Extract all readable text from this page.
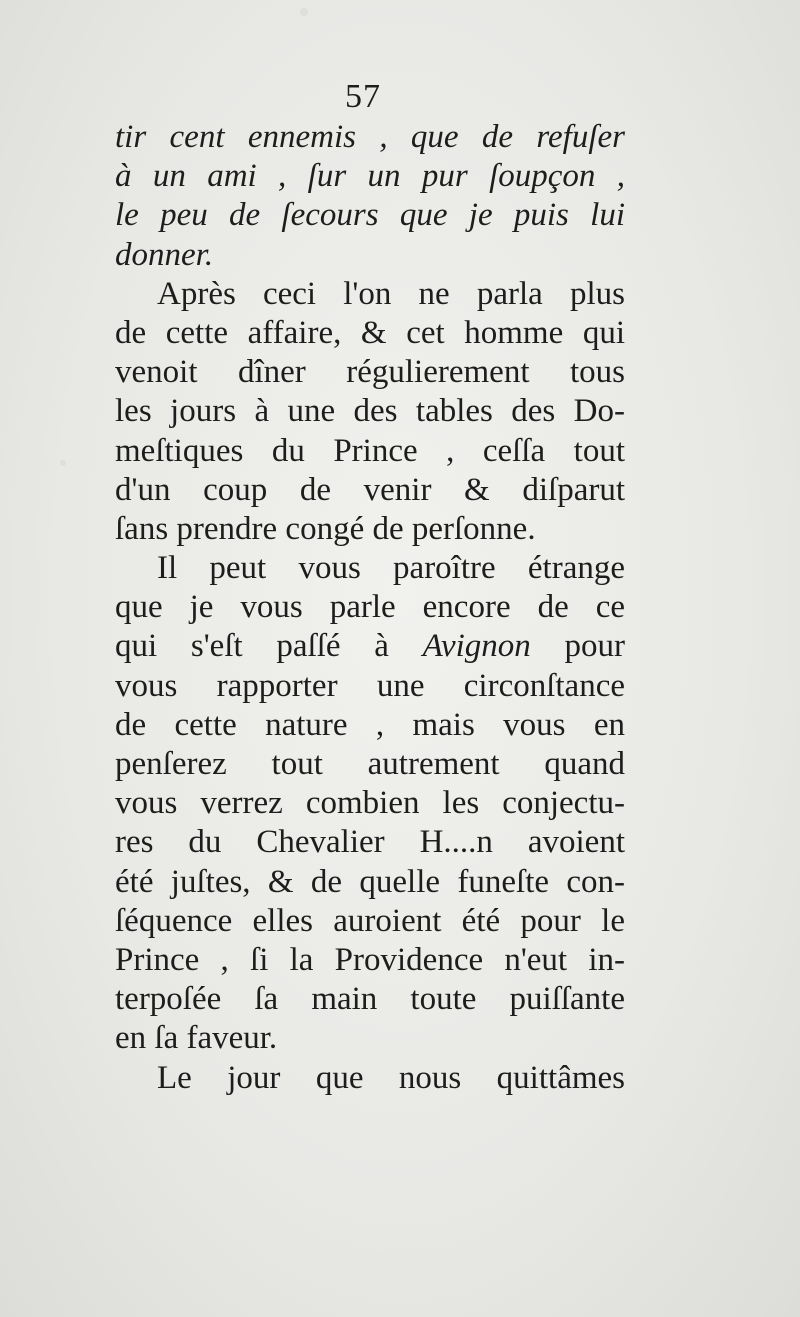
57
tir cent ennemis , que de refuſer
à un ami , ſur un pur ſoupçon ,
le peu de ſecours que je puis lui
donner.
Après ceci l'on ne parla plus
de cette affaire, & cet homme qui
venoit dîner régulierement tous
les jours à une des tables des Do-
meſtiques du Prince , ceſſa tout
d'un coup de venir & diſparut
ſans prendre congé de perſonne.
Il peut vous paroître étrange
que je vous parle encore de ce
qui s'eſt paſſé à Avignon pour
vous rapporter une circonſtance
de cette nature , mais vous en
penſerez tout autrement quand
vous verrez combien les conjectu-
res du Chevalier H....n avoient
été juſtes, & de quelle funeſte con-
ſéquence elles auroient été pour le
Prince , ſi la Providence n'eut in-
terpoſée ſa main toute puiſſante
en ſa faveur.
Le jour que nous quittâmes
